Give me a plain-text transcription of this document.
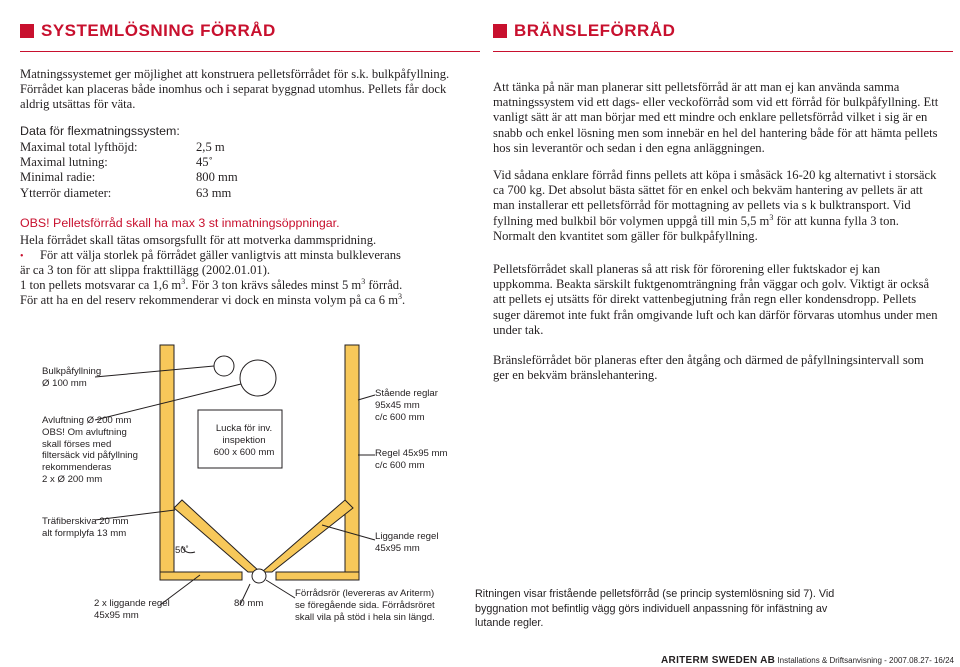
SYSTEMLÖSNING FÖRRÅD	BRÄNSLEFÖRRÅD

Matningssystemet ger möjlighet att konstruera pelletsförrådet för s.k. bulkpåfyllning. Förrådet kan placeras både inomhus och i separat byggnad utomhus. Pellets får dock aldrig utsättas för väta.

Data för flexmatningssystem:

Maximal total lyfthöjd:	2,5 m
Maximal lutning:	45˚
Minimal radie:	800 mm
Ytterrör diameter:	63 mm

OBS! Pelletsförråd skall ha max 3 st inmatningsöppningar.

Hela förrådet skall tätas omsorgsfullt för att motverka dammspridning.

• För att välja storlek på förrådet gäller vanligtvis att minsta bulkleverans

är ca 3 ton för att slippa frakttillägg (2002.01.01).

1 ton pellets motsvarar ca 1,6 $m^3$. För 3 ton krävs således minst 5 $m^3$ förråd.

För att ha en del reserv rekommenderar vi dock en minsta volym på ca 6 $m^3$.

Att tänka på när man planerar sitt pelletsförråd är att man ej kan använda samma matningssystem vid ett dags- eller veckoförråd som vid ett förråd för bulkpåfyllning. Ett vanligt sätt är att man börjar med ett mindre och enklare pelletsförråd vilket i sig är en snabb och enkel lösning men som innebär en hel del hantering både för att hämta pellets hos sin leverantör och sedan i den egna anläggningen.

Vid sådana enklare förråd finns pellets att köpa i småsäck 16-20 kg alternativt i storsäck ca 700 kg. Det absolut bästa sättet för en enkel och bekväm hantering av pellets är att man installerar ett pelletsförråd för mottagning av pellets via s k bulktransport. Vid fyllning med bulkbil bör volymen uppgå till min 5,5 $m^3$ för att kunna fylla 3 ton. Normalt den kvantitet som gäller för bulkpåfyllning.

Pelletsförrådet skall planeras så att risk för förorening eller fuktskador ej kan uppkomma. Beakta särskilt fuktgenomträngning från väggar och golv. Viktigt är också att pellets ej utsätts för direkt vattenbegjutning från regn eller kondensdropp. Pellets suger däremot inte fukt från omgivande luft och kan därför förvaras utomhus under men under tak.

Bränsleförrådet bör planeras efter den åtgång och därmed de påfyllningsintervall som ger en bekväm bränslehantering.

Bulkpåfyllning
Ø 100 mm
Avluftning Ø 200 mm
OBS! Om avluftning
skall förses med
filtersäck vid påfyllning
rekommenderas
2 x Ø 200 mm
Lucka för inv.
inspektion
600 x 600 mm
Stående reglar
95x45 mm
c/c 600 mm
Regel 45x95 mm
c/c 600 mm
Träfiberskiva 20 mm
alt formplyfa 13 mm
50˚
Liggande regel
45x95 mm
2 x liggande regel
45x95 mm
80 mm
Förrådsrör (levereras av Ariterm)
se föregående sida. Förrådsröret
skall vila på stöd i hela sin längd.

Ritningen visar fristående pelletsförråd (se princip systemlösning sid 7). Vid byggnation mot befintlig vägg görs individuell anpassning för infästning av lutande regler.

ARITERM SWEDEN AB Installations & Driftsanvisning - 2007.08.27- 16/24
